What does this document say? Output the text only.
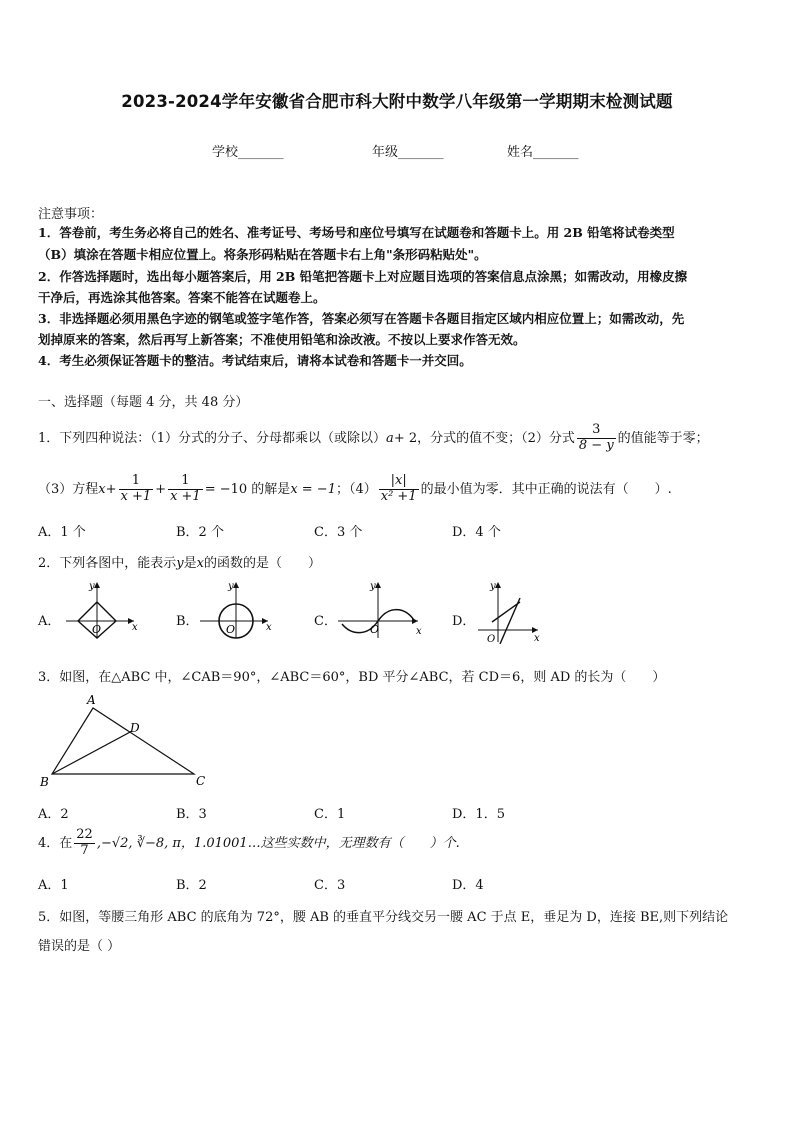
2023-2024学年安徽省合肥市科大附中数学八年级第一学期期末检测试题
学校_______	年级_______	姓名_______
注意事项：
1．答卷前，考生务必将自己的姓名、准考证号、考场号和座位号填写在试题卷和答题卡上。用 2B 铅笔将试卷类型
（B）填涂在答题卡相应位置上。将条形码粘贴在答题卡右上角"条形码粘贴处"。
2．作答选择题时，选出每小题答案后，用 2B 铅笔把答题卡上对应题目选项的答案信息点涂黑；如需改动，用橡皮擦
干净后，再选涂其他答案。答案不能答在试题卷上。
3．非选择题必须用黑色字迹的钢笔或签字笔作答，答案必须写在答题卡各题目指定区域内相应位置上；如需改动，先
划掉原来的答案，然后再写上新答案；不准使用铅笔和涂改液。不按以上要求作答无效。
4．考生必须保证答题卡的整洁。考试结束后，请将本试卷和答题卡一并交回。
一、选择题（每题 4 分，共 48 分）
1．下列四种说法：（1）分式的分子、分母都乘以（或除以）a+ 2，分式的值不变；（2）分式 $\frac{3}{8 - y}$ 的值能等于零；
（3）方程$x+ \frac{1}{x +1} + \frac{1}{x +1} = -10$ 的解是x = −1；$(4) \frac{|x|}{\text{x² +1}}$ 的最小值为零．其中正确的说法有（　　）.
A．1 个	B．2 个	C．3 个	D．4 个
2．下列各图中，能表示y是x的函数的是（　　）
A．	B．	C．	D．
y
O	x
y
O	x
y
O	x
y
O	x
3．如图，在△ABC 中，∠CAB＝90°，∠ABC＝60°，BD 平分∠ABC，若 CD＝6，则 AD 的长为（　　）
A
B	C
D
A．2	B．3	C．1	D．1．5
4．在 $\frac{22}{7} ,-√2$, ∛−8, π，1.01001…这些实数中，无理数有（　　）个.
A．1	B．2	C．3	D．4
5．如图，等腰三角形 ABC 的底角为 72°，腰 AB 的垂直平分线交另一腰 AC 于点 E，垂足为 D，连接 BE,则下列结论
错误的是（ ）
